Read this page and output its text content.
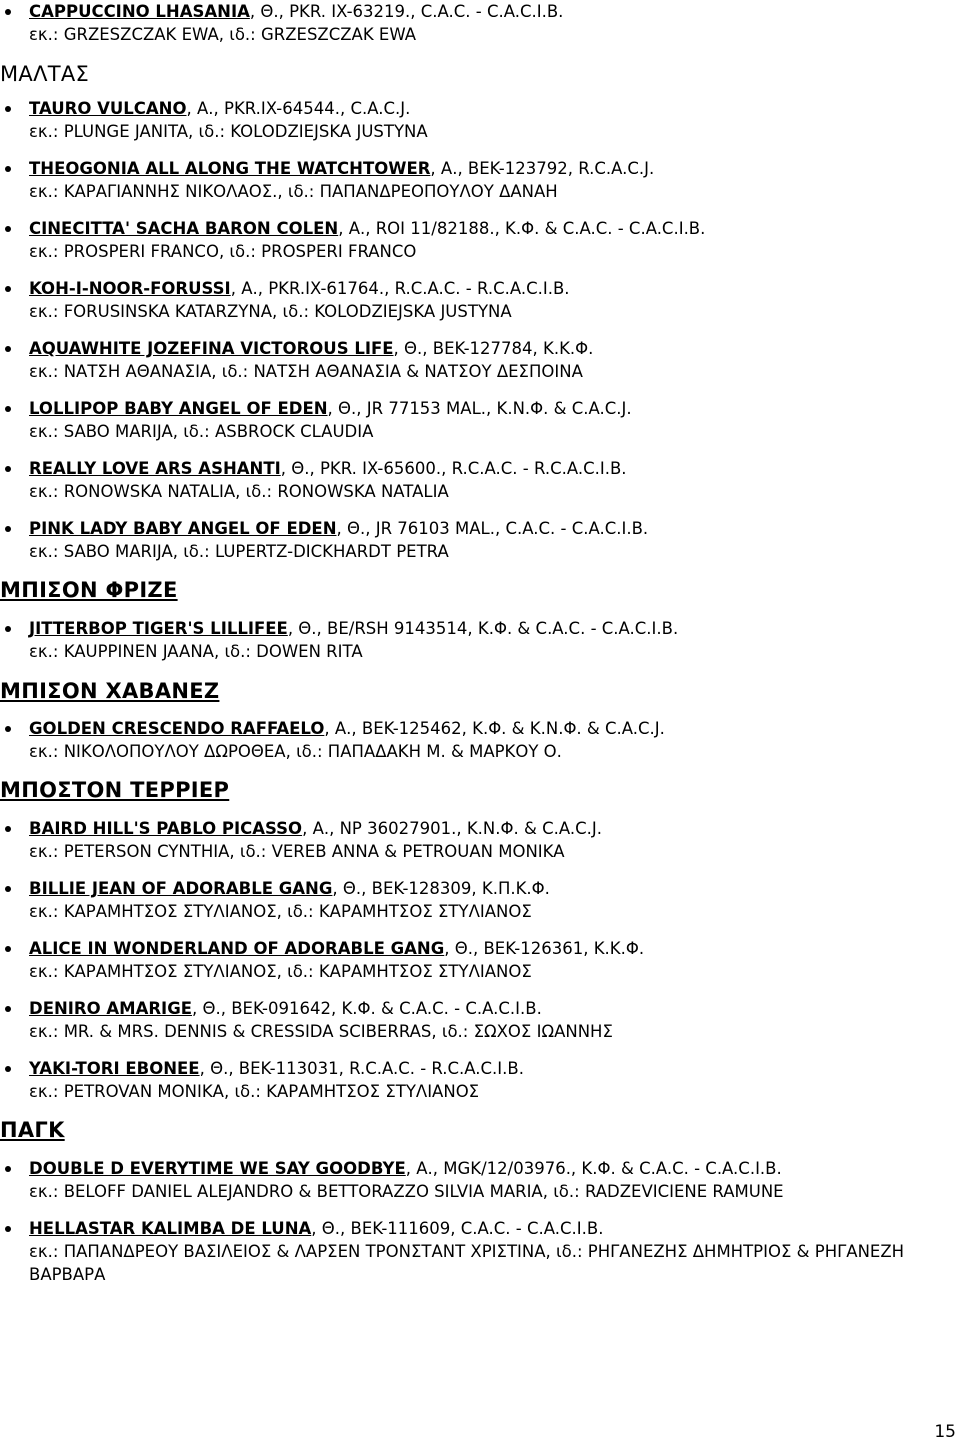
CAPPUCCINO LHASANIA, Θ., PKR. IX-63219., C.A.C. - C.A.C.I.B.
εκ.: GRZESZCZAK EWA, ιδ.: GRZESZCZAK EWA
ΜΑΛΤΑΣ
TAURO VULCANO, Α., PKR.IX-64544., C.A.C.J.
εκ.: PLUNGE JANITA, ιδ.: KOLODZIEJSKA JUSTYNA
THEOGONIA ALL ALONG THE WATCHTOWER, Α., BEK-123792, R.C.A.C.J.
εκ.: ΚΑΡΑΓΙΑΝΝΗΣ ΝΙΚΟΛΑΟΣ., ιδ.: ΠΑΠΑΝΔΡΕΟΠΟΥΛΟΥ ΔΑΝΑΗ
CINECITTA' SACHA BARON COLEN, Α., ROI 11/82188., Κ.Φ. & C.A.C. - C.A.C.I.B.
εκ.: PROSPERI FRANCO, ιδ.: PROSPERI FRANCO
KOH-I-NOOR-FORUSSI, Α., PKR.IX-61764., R.C.A.C. - R.C.A.C.I.B.
εκ.: FORUSINSKA KATARZYNA, ιδ.: KOLODZIEJSKA JUSTYNA
AQUAWHITE JOZEFINA VICTOROUS LIFE, Θ., BEK-127784, Κ.Κ.Φ.
εκ.: ΝΑΤΣΗ ΑΘΑΝΑΣΙΑ, ιδ.: ΝΑΤΣΗ ΑΘΑΝΑΣΙΑ & ΝΑΤΣΟΥ ΔΕΣΠΟΙΝΑ
LOLLIPOP BABY ANGEL OF EDEN, Θ., JR 77153 MAL., Κ.Ν.Φ. & C.A.C.J.
εκ.: SABO MARIJA, ιδ.: ASBROCK CLAUDIA
REALLY LOVE ARS ASHANTI, Θ., PKR. IX-65600., R.C.A.C. - R.C.A.C.I.B.
εκ.: RONOWSKA NATALIA, ιδ.: RONOWSKA NATALIA
PINK LADY BABY ANGEL OF EDEN, Θ., JR 76103 MAL., C.A.C. - C.A.C.I.B.
εκ.: SABO MARIJA, ιδ.: LUPERTZ-DICKHARDT PETRA
ΜΠΙΣΟΝ ΦΡΙΖΕ
JITTERBOP TIGER'S LILLIFEE, Θ., BE/RSH 9143514, Κ.Φ. & C.A.C. - C.A.C.I.B.
εκ.: KAUPPINEN JAANA, ιδ.: DOWEN RITA
ΜΠΙΣΟΝ ΧΑΒΑΝΕΖ
GOLDEN CRESCENDO RAFFAELO, Α., BEK-125462, Κ.Φ. & Κ.Ν.Φ. & C.A.C.J.
εκ.: ΝΙΚΟΛΟΠΟΥΛΟΥ ΔΩΡΟΘΕΑ, ιδ.: ΠΑΠΑΔΑΚΗ Μ. & ΜΑΡΚΟΥ Ο.
ΜΠΟΣΤΟΝ ΤΕΡΡΙΕΡ
BAIRD HILL'S PABLO PICASSO, Α., NP 36027901., Κ.Ν.Φ. & C.A.C.J.
εκ.: PETERSON CYNTHIA, ιδ.: VEREB ANNA & PETROUAN MONIKA
BILLIE JEAN OF ADORABLE GANG, Θ., BEK-128309, Κ.Π.Κ.Φ.
εκ.: ΚΑΡΑΜΗΤΣΟΣ ΣΤΥΛΙΑΝΟΣ, ιδ.: ΚΑΡΑΜΗΤΣΟΣ ΣΤΥΛΙΑΝΟΣ
ALICE IN WONDERLAND OF ADORABLE GANG, Θ., BEK-126361, Κ.Κ.Φ.
εκ.: ΚΑΡΑΜΗΤΣΟΣ ΣΤΥΛΙΑΝΟΣ, ιδ.: ΚΑΡΑΜΗΤΣΟΣ ΣΤΥΛΙΑΝΟΣ
DENIRO AMARIGE, Θ., BEK-091642, Κ.Φ. & C.A.C. - C.A.C.I.B.
εκ.: MR. & MRS. DENNIS & CRESSIDA SCIBERRAS, ιδ.: ΣΩΧΟΣ ΙΩΑΝΝΗΣ
YAKI-TORI EBONEE, Θ., BEK-113031, R.C.A.C. - R.C.A.C.I.B.
εκ.: PETROVAN ΜΟΝΙΚΑ, ιδ.: ΚΑΡΑΜΗΤΣΟΣ ΣΤΥΛΙΑΝΟΣ
ΠΑΓΚ
DOUBLE D EVERYTIME WE SAY GOODBYE, Α., MGK/12/03976., Κ.Φ. & C.A.C. - C.A.C.I.B.
εκ.: BELOFF DANIEL ALEJANDRO & BETTORAZZO SILVIA MARIA, ιδ.: RADZEVICIENE RAMUNE
HELLASTAR KALIMBA DE LUNA, Θ., BEK-111609, C.A.C. - C.A.C.I.B.
εκ.: ΠΑΠΑΝΔΡΕΟΥ ΒΑΣΙΛΕΙΟΣ & ΛΑΡΣΕΝ ΤΡΟΝΣΤΑΝΤ ΧΡΙΣΤΙΝΑ, ιδ.: ΡΗΓΑΝΕΖΗΣ ΔΗΜΗΤΡΙΟΣ & ΡΗΓΑΝΕΖΗ ΒΑΡΒΑΡΑ
15
